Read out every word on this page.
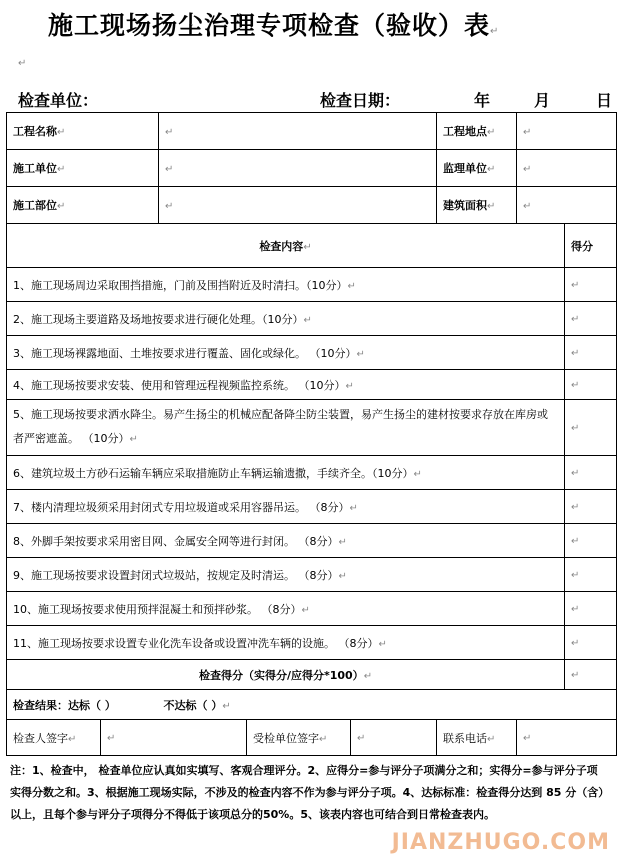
施工现场扬尘治理专项检查（验收）表↵
↵
检查单位：	检查日期：	年	月	日
工程名称↵		↵			工程地点↵	↵	
施工单位↵		↵			监理单位↵	↵	
施工部位↵		↵			建筑面积↵	↵	
检查内容↵							得分
1、施工现场周边采取围挡措施，门前及围挡附近及时清扫。（10分）↵							↵
2、施工现场主要道路及场地按要求进行硬化处理。（10分）↵							↵
3、施工现场裸露地面、土堆按要求进行覆盖、固化或绿化。 （10分）↵							↵
4、施工现场按要求安装、使用和管理远程视频监控系统。 （10分）↵							↵

5、施工现场按要求洒水降尘。易产生扬尘的机械应配备降尘防尘装置，易产生扬尘的建材按要求存放在库房或者严密遮盖。 （10分）↵							↵
6、建筑垃圾土方砂石运输车辆应采取措施防止车辆运输遗撒，手续齐全。（10分）↵							↵
7、楼内清理垃圾须采用封闭式专用垃圾道或采用容器吊运。 （8分）↵							↵
8、外脚手架按要求采用密目网、金属安全网等进行封闭。 （8分）↵							↵
9、施工现场按要求设置封闭式垃圾站，按规定及时清运。 （8分）↵							↵
10、施工现场按要求使用预拌混凝土和预拌砂浆。 （8分）↵							↵
11、施工现场按要求设置专业化洗车设备或设置冲洗车辆的设施。 （8分）↵							↵
检查得分（实得分/应得分*100）↵							↵
检查结果：达标（ ） 不达标（ ）↵							
检查人签字↵	↵		受检单位签字↵	↵	联系电话↵	↵	
注：1、检查中， 检查单位应认真如实填写、客观合理评分。2、应得分=参与评分子项满分之和；实得分=参与评分子项实得分数之和。3、根据施工现场实际，不涉及的检查内容不作为参与评分子项。4、达标标准：检查得分达到 85 分（含）以上，且每个参与评分子项得分不得低于该项总分的50%。5、该表内容也可结合到日常检查表内。
JIANZHUGO.COM
